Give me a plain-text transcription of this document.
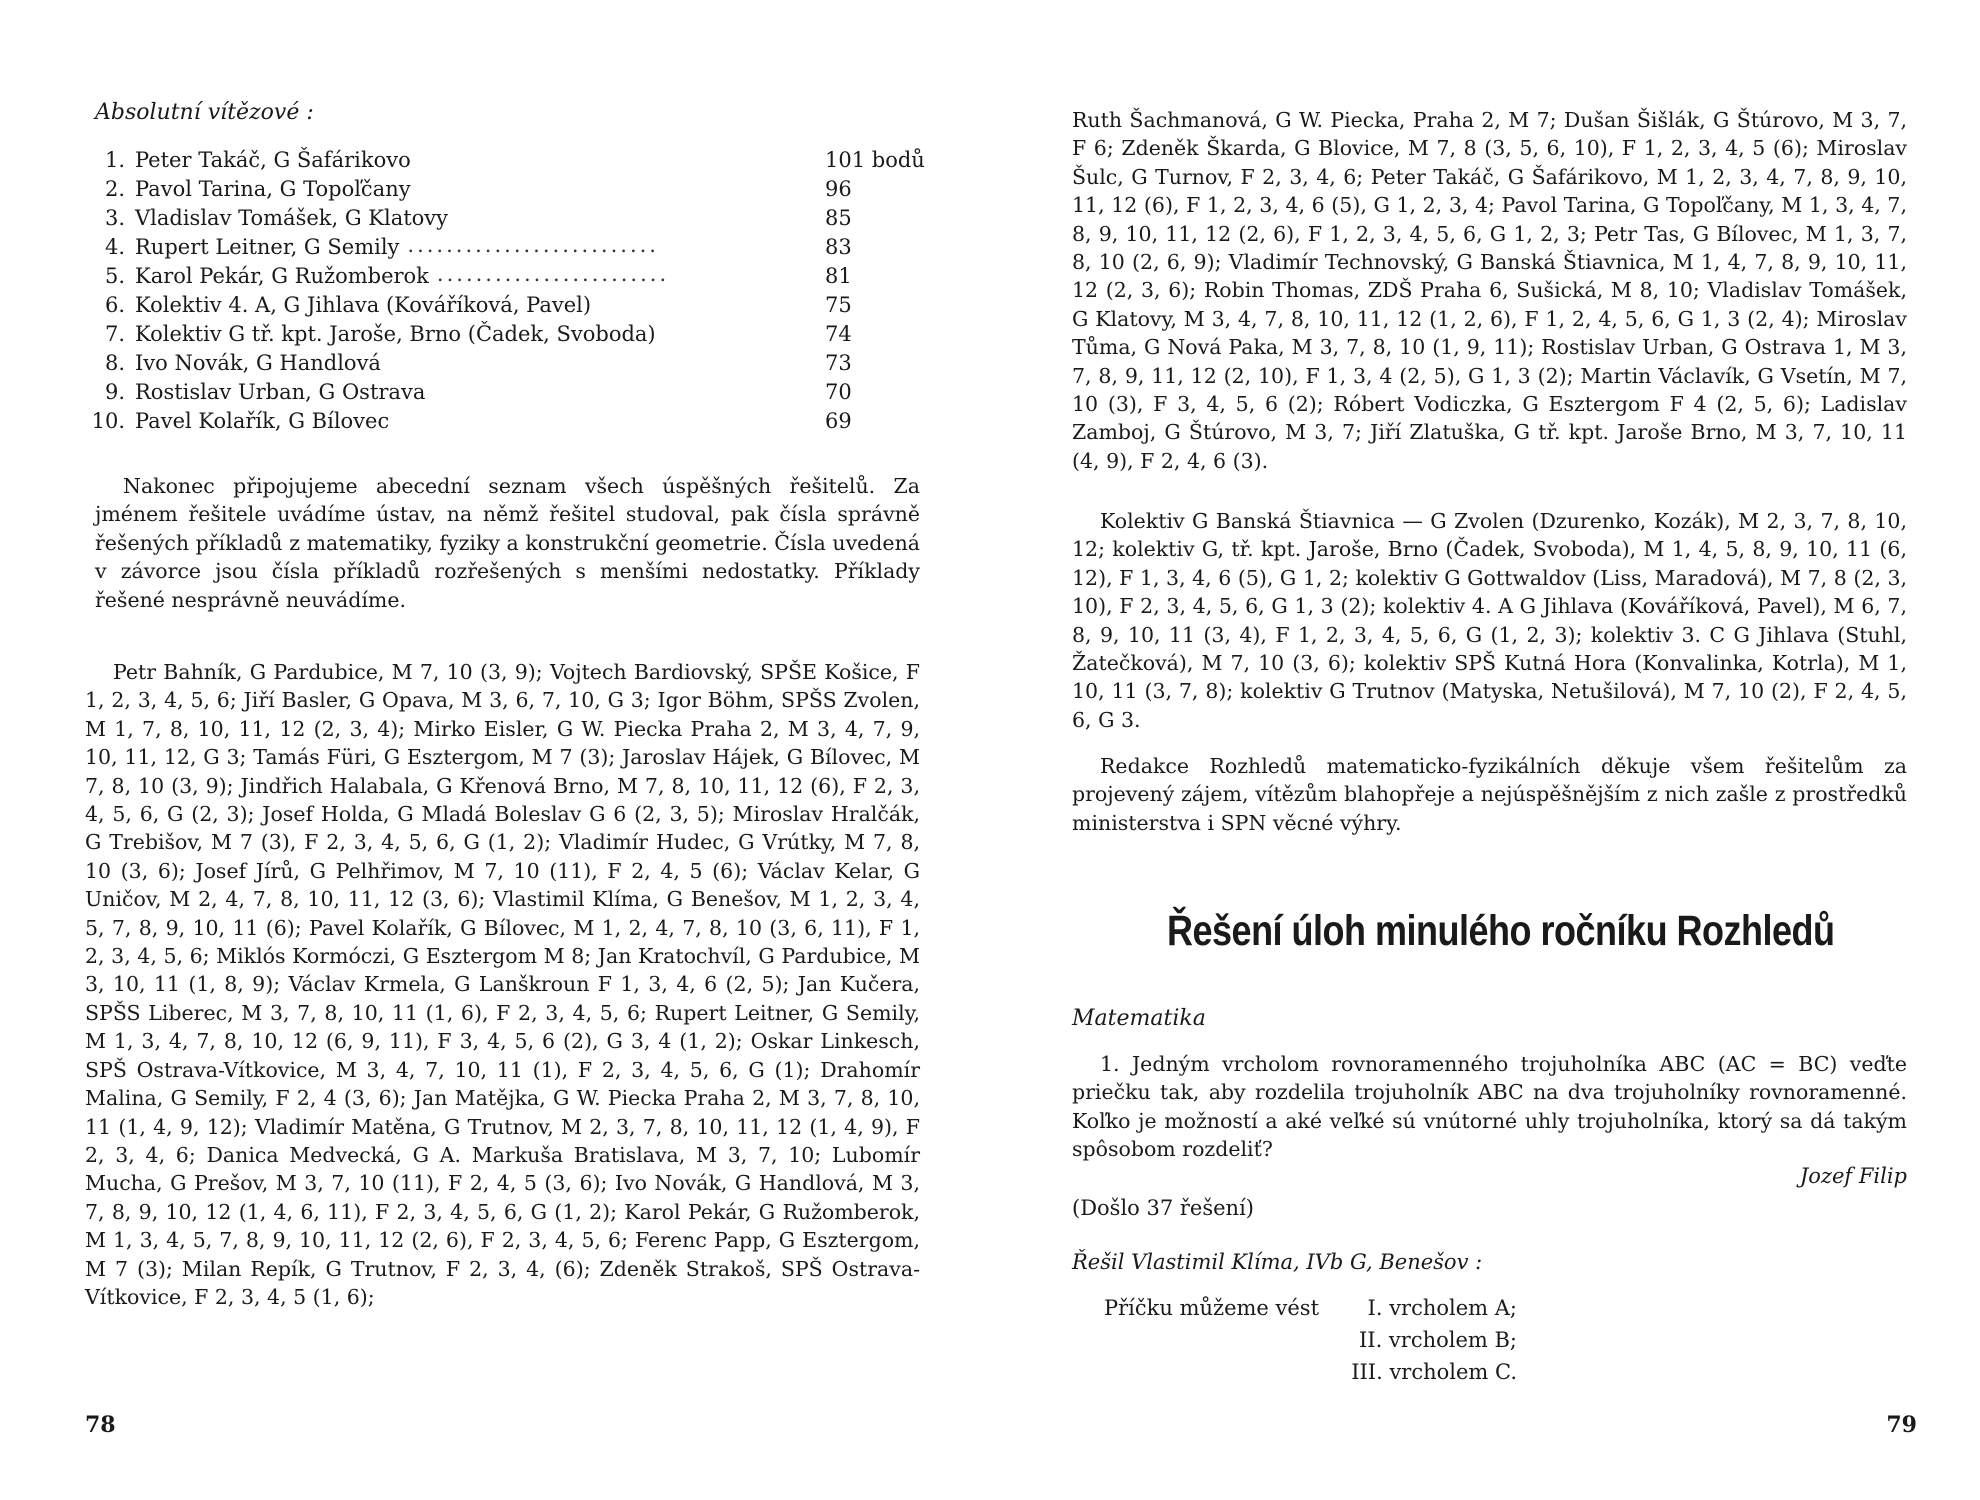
Absolutní vítězové :

1. Peter Takáč, G Šafárikovo	101 bodů
2. Pavol Tarina, G Topoľčany	96
3. Vladislav Tomášek, G Klatovy	85
4. Rupert Leitner, G Semily ..........................	83
5. Karol Pekár, G Ružomberok ........................	81
6. Kolektiv 4. A, G Jihlava (Kováříková, Pavel)	75
7. Kolektiv G tř. kpt. Jaroše, Brno (Čadek, Svoboda)	74
8. Ivo Novák, G Handlová	73
9. Rostislav Urban, G Ostrava	70
10. Pavel Kolařík, G Bílovec	69

Nakonec připojujeme abecední seznam všech úspěšných řešitelů. Za jménem řešitele uvádíme ústav, na němž řešitel studoval, pak čísla správně řešených příkladů z matematiky, fyziky a konstrukční geometrie. Čísla uvedená v závorce jsou čísla příkladů rozřešených s menšími nedostatky. Příklady řešené nesprávně neuvádíme.

Petr Bahník, G Pardubice, M 7, 10 (3, 9); Vojtech Bardiovský, SPŠE Košice, F 1, 2, 3, 4, 5, 6; Jiří Basler, G Opava, M 3, 6, 7, 10, G 3; Igor Böhm, SPŠS Zvolen, M 1, 7, 8, 10, 11, 12 (2, 3, 4); Mirko Eisler, G W. Piecka Praha 2, M 3, 4, 7, 9, 10, 11, 12, G 3; Tamás Füri, G Esztergom, M 7 (3); Jaroslav Hájek, G Bílovec, M 7, 8, 10 (3, 9); Jindřich Halabala, G Křenová Brno, M 7, 8, 10, 11, 12 (6), F 2, 3, 4, 5, 6, G (2, 3); Josef Holda, G Mladá Boleslav G 6 (2, 3, 5); Miroslav Hralčák, G Trebišov, M 7 (3), F 2, 3, 4, 5, 6, G (1, 2); Vladimír Hudec, G Vrútky, M 7, 8, 10 (3, 6); Josef Jírů, G Pelhřimov, M 7, 10 (11), F 2, 4, 5 (6); Václav Kelar, G Uničov, M 2, 4, 7, 8, 10, 11, 12 (3, 6); Vlastimil Klíma, G Benešov, M 1, 2, 3, 4, 5, 7, 8, 9, 10, 11 (6); Pavel Kolařík, G Bílovec, M 1, 2, 4, 7, 8, 10 (3, 6, 11), F 1, 2, 3, 4, 5, 6; Miklós Kormóczi, G Esztergom M 8; Jan Kratochvíl, G Pardubice, M 3, 10, 11 (1, 8, 9); Václav Krmela, G Lanškroun F 1, 3, 4, 6 (2, 5); Jan Kučera, SPŠS Liberec, M 3, 7, 8, 10, 11 (1, 6), F 2, 3, 4, 5, 6; Rupert Leitner, G Semily, M 1, 3, 4, 7, 8, 10, 12 (6, 9, 11), F 3, 4, 5, 6 (2), G 3, 4 (1, 2); Oskar Linkesch, SPŠ Ostrava-Vítkovice, M 3, 4, 7, 10, 11 (1), F 2, 3, 4, 5, 6, G (1); Drahomír Malina, G Semily, F 2, 4 (3, 6); Jan Matějka, G W. Piecka Praha 2, M 3, 7, 8, 10, 11 (1, 4, 9, 12); Vladimír Matěna, G Trutnov, M 2, 3, 7, 8, 10, 11, 12 (1, 4, 9), F 2, 3, 4, 6; Danica Medvecká, G A. Markuša Bratislava, M 3, 7, 10; Lubomír Mucha, G Prešov, M 3, 7, 10 (11), F 2, 4, 5 (3, 6); Ivo Novák, G Handlová, M 3, 7, 8, 9, 10, 12 (1, 4, 6, 11), F 2, 3, 4, 5, 6, G (1, 2); Karol Pekár, G Ružomberok, M 1, 3, 4, 5, 7, 8, 9, 10, 11, 12 (2, 6), F 2, 3, 4, 5, 6; Ferenc Papp, G Esztergom, M 7 (3); Milan Repík, G Trutnov, F 2, 3, 4, (6); Zdeněk Strakoš, SPŠ Ostrava-Vítkovice, F 2, 3, 4, 5 (1, 6);

78

Ruth Šachmanová, G W. Piecka, Praha 2, M 7; Dušan Šišlák, G Štúrovo, M 3, 7, F 6; Zdeněk Škarda, G Blovice, M 7, 8 (3, 5, 6, 10), F 1, 2, 3, 4, 5 (6); Miroslav Šulc, G Turnov, F 2, 3, 4, 6; Peter Takáč, G Šafárikovo, M 1, 2, 3, 4, 7, 8, 9, 10, 11, 12 (6), F 1, 2, 3, 4, 6 (5), G 1, 2, 3, 4; Pavol Tarina, G Topoľčany, M 1, 3, 4, 7, 8, 9, 10, 11, 12 (2, 6), F 1, 2, 3, 4, 5, 6, G 1, 2, 3; Petr Tas, G Bílovec, M 1, 3, 7, 8, 10 (2, 6, 9); Vladimír Technovský, G Banská Štiavnica, M 1, 4, 7, 8, 9, 10, 11, 12 (2, 3, 6); Robin Thomas, ZDŠ Praha 6, Sušická, M 8, 10; Vladislav Tomášek, G Klatovy, M 3, 4, 7, 8, 10, 11, 12 (1, 2, 6), F 1, 2, 4, 5, 6, G 1, 3 (2, 4); Miroslav Tůma, G Nová Paka, M 3, 7, 8, 10 (1, 9, 11); Rostislav Urban, G Ostrava 1, M 3, 7, 8, 9, 11, 12 (2, 10), F 1, 3, 4 (2, 5), G 1, 3 (2); Martin Václavík, G Vsetín, M 7, 10 (3), F 3, 4, 5, 6 (2); Róbert Vodiczka, G Esztergom F 4 (2, 5, 6); Ladislav Zamboj, G Štúrovo, M 3, 7; Jiří Zlatuška, G tř. kpt. Jaroše Brno, M 3, 7, 10, 11 (4, 9), F 2, 4, 6 (3).

Kolektiv G Banská Štiavnica — G Zvolen (Dzurenko, Kozák), M 2, 3, 7, 8, 10, 12; kolektiv G, tř. kpt. Jaroše, Brno (Čadek, Svoboda), M 1, 4, 5, 8, 9, 10, 11 (6, 12), F 1, 3, 4, 6 (5), G 1, 2; kolektiv G Gottwaldov (Liss, Maradová), M 7, 8 (2, 3, 10), F 2, 3, 4, 5, 6, G 1, 3 (2); kolektiv 4. A G Jihlava (Kováříková, Pavel), M 6, 7, 8, 9, 10, 11 (3, 4), F 1, 2, 3, 4, 5, 6, G (1, 2, 3); kolektiv 3. C G Jihlava (Stuhl, Žatečková), M 7, 10 (3, 6); kolektiv SPŠ Kutná Hora (Konvalinka, Kotrla), M 1, 10, 11 (3, 7, 8); kolektiv G Trutnov (Matyska, Netušilová), M 7, 10 (2), F 2, 4, 5, 6, G 3.

Redakce Rozhledů matematicko-fyzikálních děkuje všem řešitelům za projevený zájem, vítězům blahopřeje a nejúspěšnějším z nich zašle z prostředků ministerstva i SPN věcné výhry.

Řešení úloh minulého ročníku Rozhledů

Matematika

1. Jedným vrcholom rovnoramenného trojuholníka ABC (AC = BC) veďte priečku tak, aby rozdelila trojuholník ABC na dva trojuholníky rovnoramenné. Koľko je možností a aké veľké sú vnútorné uhly trojuholníka, ktorý sa dá takým spôsobom rozdeliť?

Jozef Filip
(Došlo 37 řešení)
Řešil Vlastimil Klíma, IVb G, Benešov :
Příčku můžeme vést	I. vrcholem A;
II. vrcholem B;
III. vrcholem C.
79
